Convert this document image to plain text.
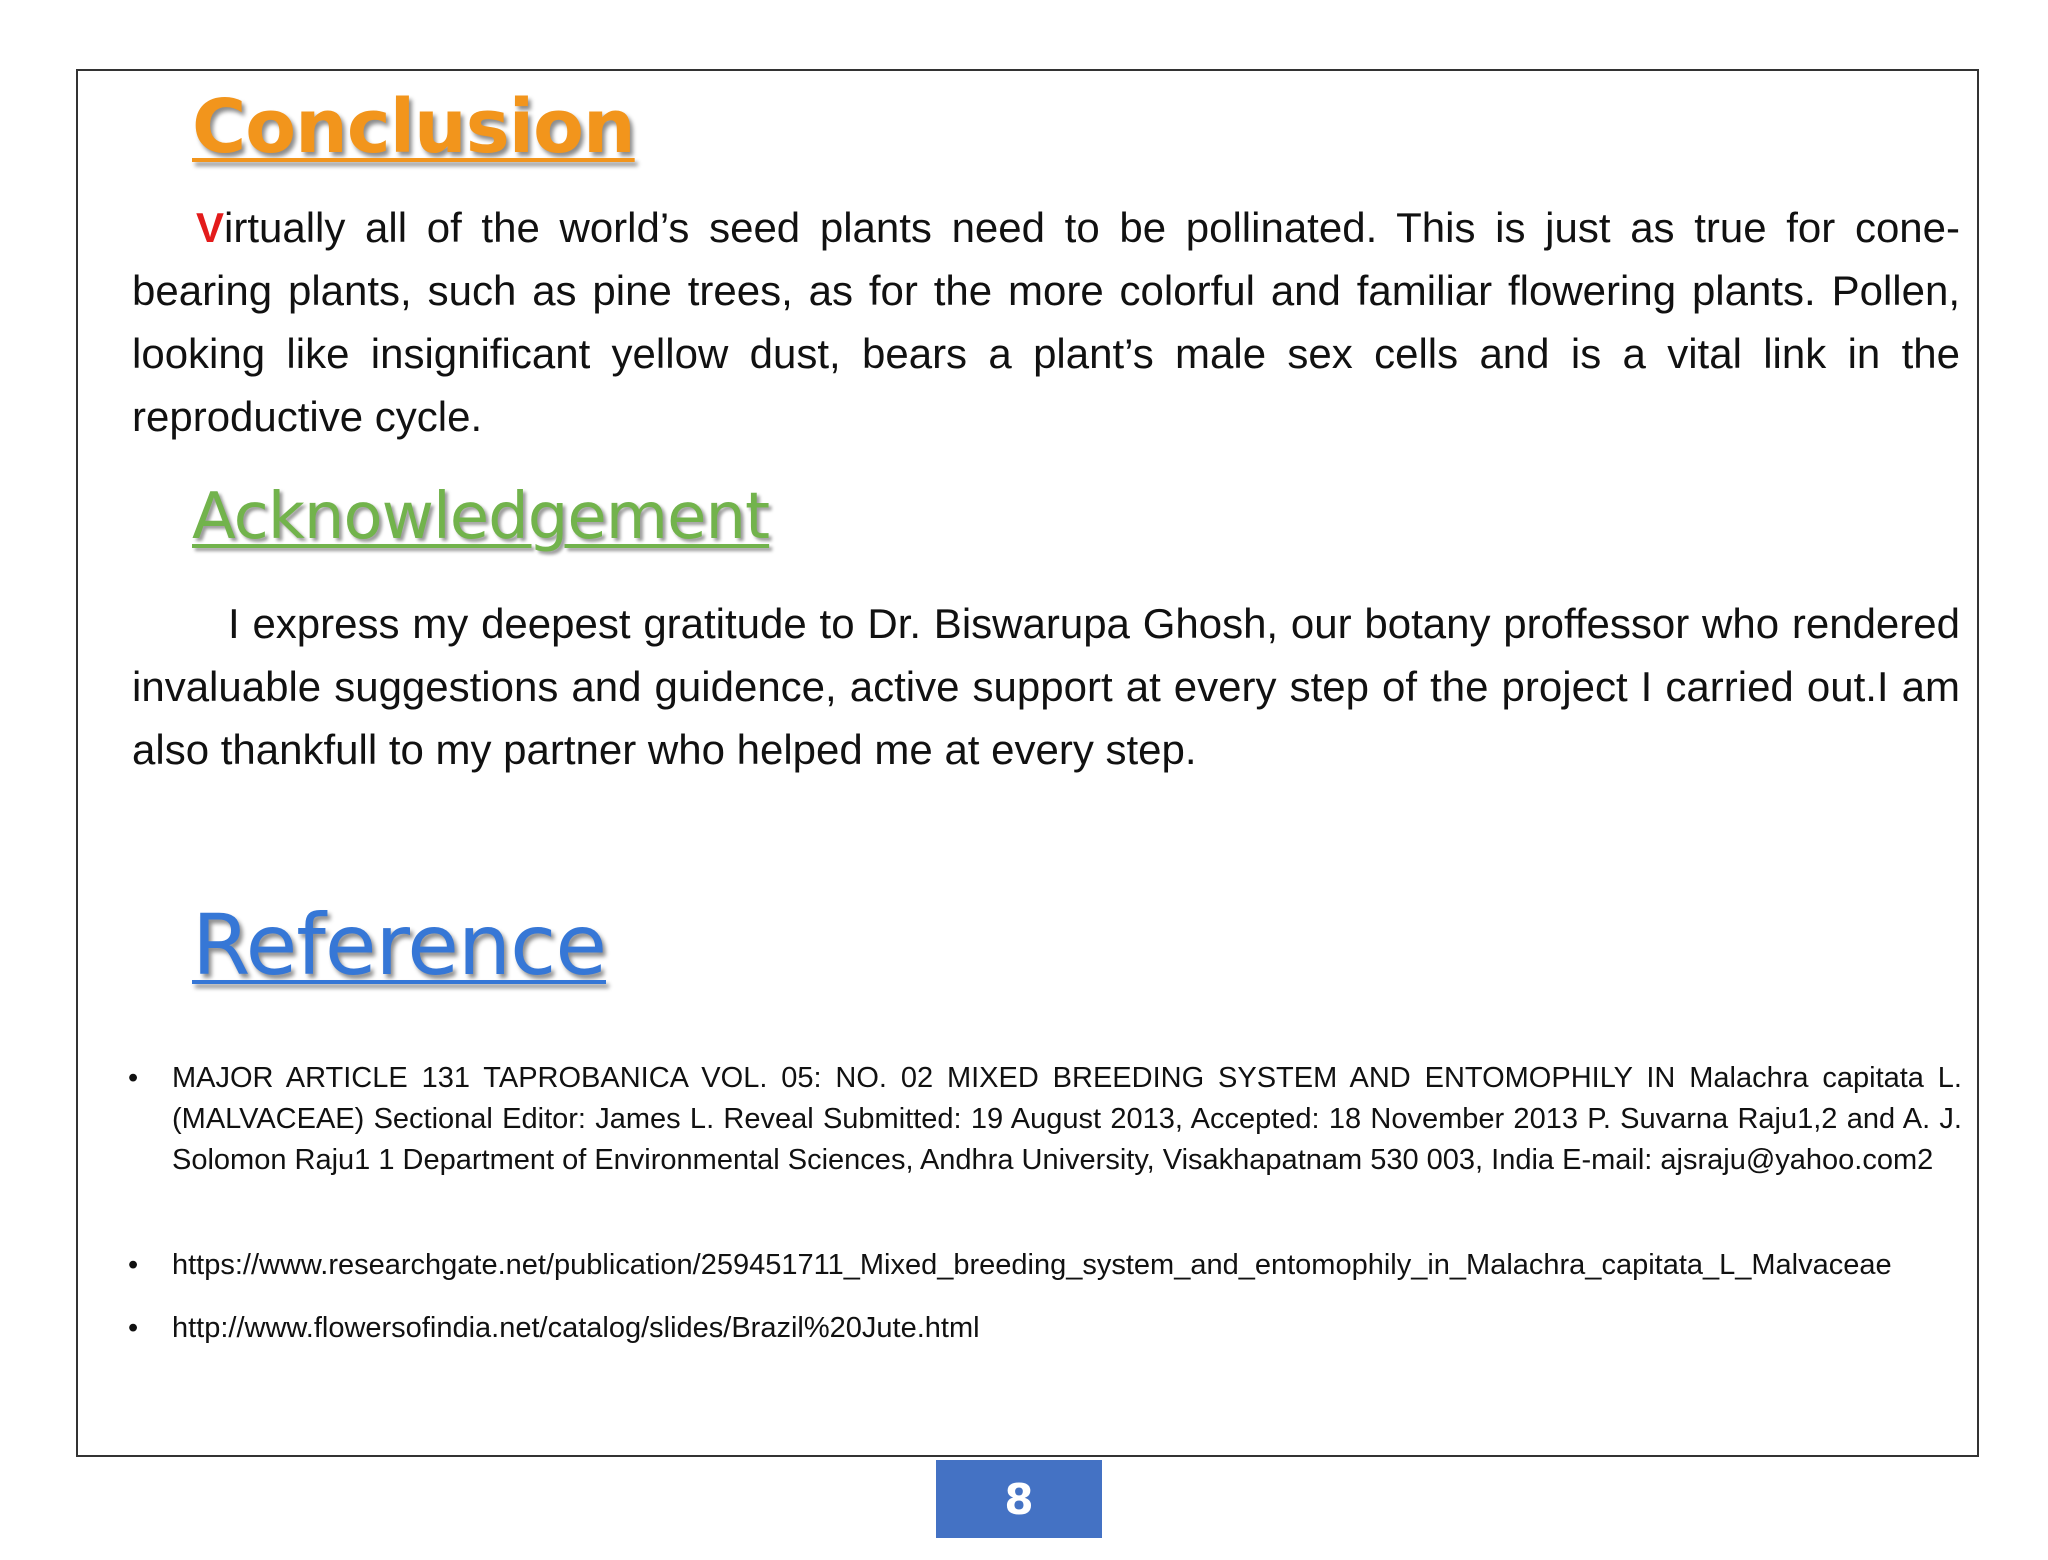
Conclusion

Virtually all of the world’s seed plants need to be pollinated. This is just as true for cone-bearing plants, such as pine trees, as for the more colorful and familiar flowering plants. Pollen, looking like insignificant yellow dust, bears a plant’s male sex cells and is a vital link in the reproductive cycle.

Acknowledgement

I express my deepest gratitude to Dr. Biswarupa Ghosh, our botany proffessor who rendered invaluable suggestions and guidence, active support at every step of the project I carried out.I am also thankfull to my partner who helped me at every step.

Reference
• MAJOR ARTICLE 131 TAPROBANICA VOL. 05: NO. 02 MIXED BREEDING SYSTEM AND ENTOMOPHILY IN Malachra capitata L. (MALVACEAE) Sectional Editor: James L. Reveal Submitted: 19 August 2013, Accepted: 18 November 2013 P. Suvarna Raju1,2 and A. J. Solomon Raju1 1 Department of Environmental Sciences, Andhra University, Visakhapatnam 530 003, India E-mail: ajsraju@yahoo.com2
• https://www.researchgate.net/publication/259451711_Mixed_breeding_system_and_entomophily_in_Malachra_capitata_L_Malvaceae
• http://www.flowersofindia.net/catalog/slides/Brazil%20Jute.html
8
